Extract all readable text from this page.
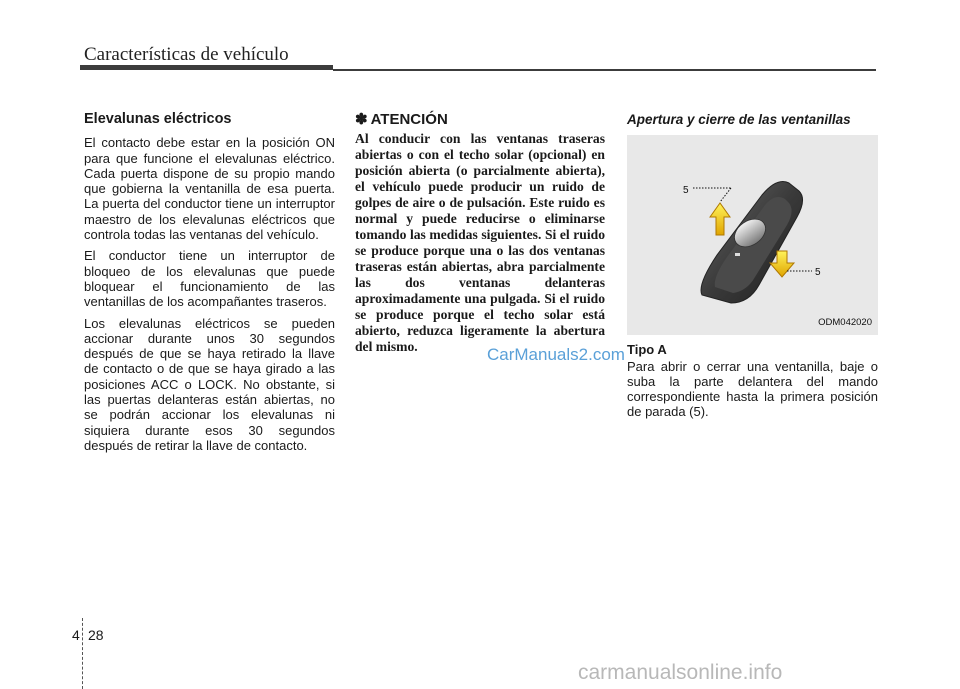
Características de vehículo
Elevalunas eléctricos

El contacto debe estar en la posición ON para que funcione el elevalunas eléctrico. Cada puerta dispone de su propio mando que gobierna la ventanilla de esa puerta. La puerta del conductor tiene un interruptor maestro de los elevalunas eléctricos que controla todas las ventanas del vehículo.

El conductor tiene un interruptor de bloqueo de los elevalunas que puede bloquear el funcionamiento de las ventanillas de los acompañantes traseros.

Los elevalunas eléctricos se pueden accionar durante unos 30 segundos después de que se haya retirado la llave de contacto o de que se haya girado a las posiciones ACC o LOCK. No obstante, si las puertas delanteras están abiertas, no se podrán accionar los elevalunas ni siquiera durante esos 30 segundos después de retirar la llave de contacto.

✽ ATENCIÓN

Al conducir con las ventanas traseras abiertas o con el techo solar (opcional) en posición abierta (o parcialmente abierta), el vehículo puede producir un ruido de golpes de aire o de pulsación. Este ruido es normal y puede reducirse o eliminarse tomando las medidas siguientes. Si el ruido se produce porque una o las dos ventanas traseras están abiertas, abra parcialmente las dos ventanas delanteras aproximadamente una pulgada. Si el ruido se produce porque el techo solar está abierto, reduzca ligeramente la abertura del mismo.

Apertura y cierre de las ventanillas
5
5
ODM042020
Tipo A

Para abrir o cerrar una ventanilla, baje o suba la parte delantera del mando correspondiente hasta la primera posición de parada (5).

CarManuals2.com
carmanualsonline.info
4 28
